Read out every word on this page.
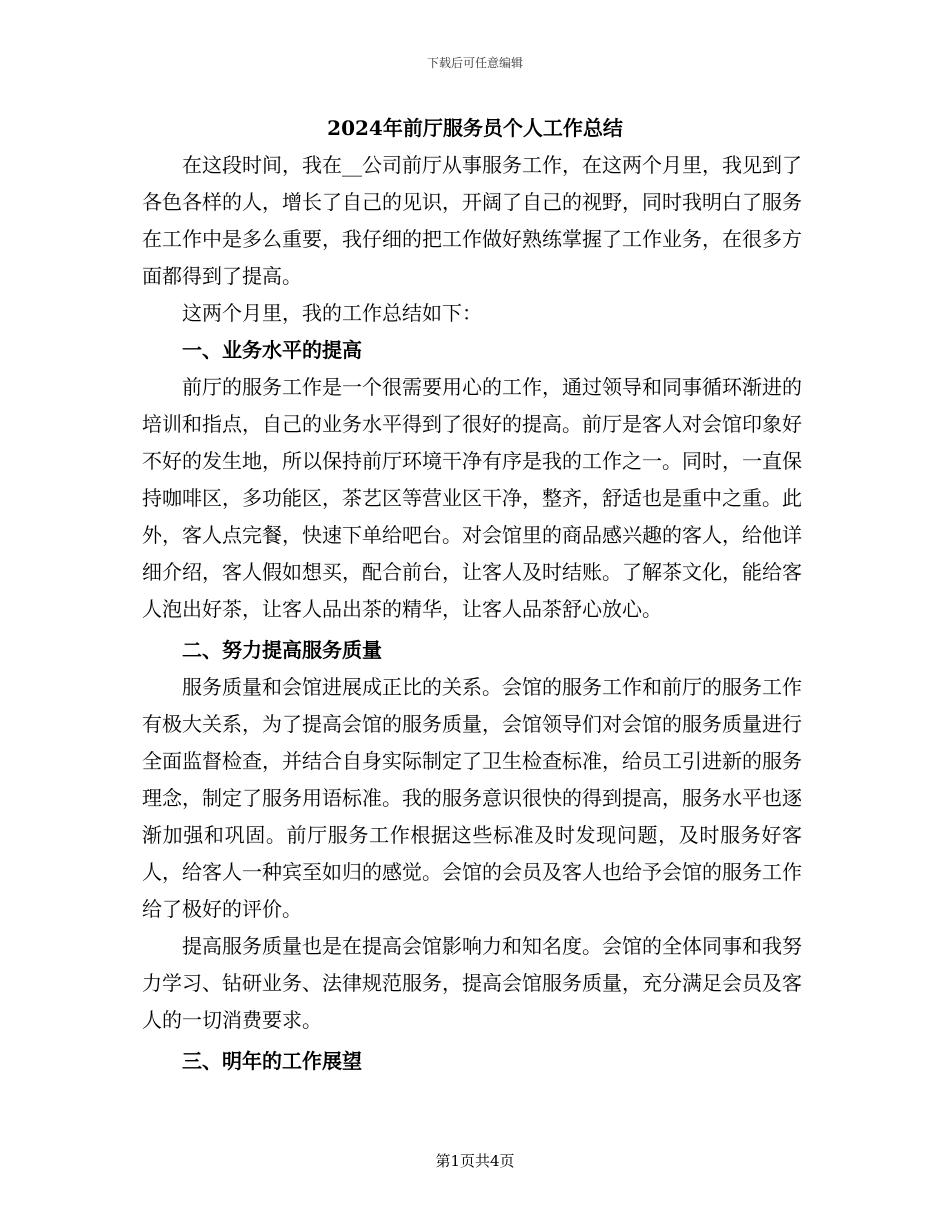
下载后可任意编辑
2024年前厅服务员个人工作总结

在这段时间，我在__公司前厅从事服务工作，在这两个月里，我见到了各色各样的人，增长了自己的见识，开阔了自己的视野，同时我明白了服务在工作中是多么重要，我仔细的把工作做好熟练掌握了工作业务，在很多方面都得到了提高。

这两个月里，我的工作总结如下：

一、业务水平的提高

前厅的服务工作是一个很需要用心的工作，通过领导和同事循环渐进的培训和指点，自己的业务水平得到了很好的提高。前厅是客人对会馆印象好不好的发生地，所以保持前厅环境干净有序是我的工作之一。同时，一直保持咖啡区，多功能区，茶艺区等营业区干净，整齐，舒适也是重中之重。此外，客人点完餐，快速下单给吧台。对会馆里的商品感兴趣的客人，给他详细介绍，客人假如想买，配合前台，让客人及时结账。了解茶文化，能给客人泡出好茶，让客人品出茶的精华，让客人品茶舒心放心。

二、努力提高服务质量

服务质量和会馆进展成正比的关系。会馆的服务工作和前厅的服务工作有极大关系，为了提高会馆的服务质量，会馆领导们对会馆的服务质量进行全面监督检查，并结合自身实际制定了卫生检查标准，给员工引进新的服务理念，制定了服务用语标准。我的服务意识很快的得到提高，服务水平也逐渐加强和巩固。前厅服务工作根据这些标准及时发现问题，及时服务好客人，给客人一种宾至如归的感觉。会馆的会员及客人也给予会馆的服务工作给了极好的评价。

提高服务质量也是在提高会馆影响力和知名度。会馆的全体同事和我努力学习、钻研业务、法律规范服务，提高会馆服务质量，充分满足会员及客人的一切消费要求。

三、明年的工作展望

第1页共4页
